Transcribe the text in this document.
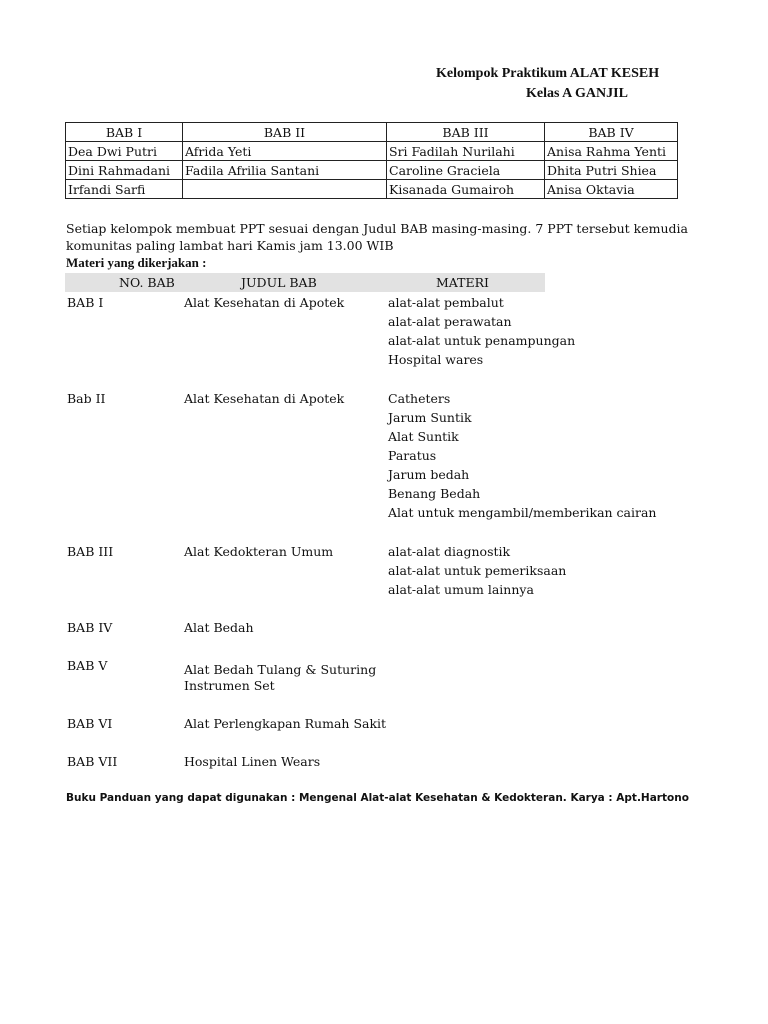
Kelompok Praktikum ALAT KESEH
Kelas A GANJIL
BAB I	BAB II	BAB III	BAB IV
Dea Dwi Putri	Afrida Yeti	Sri Fadilah Nurilahi	Anisa Rahma Yenti
Dini Rahmadani	Fadila Afrilia Santani	Caroline Graciela	Dhita Putri Shiea
Irfandi Sarfi		Kisanada Gumairoh	Anisa Oktavia
Setiap kelompok membuat PPT sesuai dengan Judul BAB masing-masing. 7 PPT tersebut kemudia
komunitas paling lambat hari Kamis jam 13.00 WIB
Materi yang dikerjakan :
NO. BAB	JUDUL BAB	MATERI
BAB I	Alat Kesehatan di Apotek	alat-alat pembalut
alat-alat perawatan
alat-alat untuk penampungan
Hospital wares
Bab II	Alat Kesehatan di Apotek	Catheters
Jarum Suntik
Alat Suntik
Paratus
Jarum bedah
Benang Bedah
Alat untuk mengambil/memberikan cairan
BAB III	Alat Kedokteran Umum	alat-alat diagnostik
alat-alat untuk pemeriksaan
alat-alat umum lainnya
BAB IV	Alat Bedah
BAB V	Alat Bedah Tulang & Suturing
Instrumen Set
BAB VI	Alat Perlengkapan Rumah Sakit
BAB VII	Hospital Linen Wears
Buku Panduan yang dapat digunakan : Mengenal Alat-alat Kesehatan & Kedokteran. Karya : Apt.Hartono
